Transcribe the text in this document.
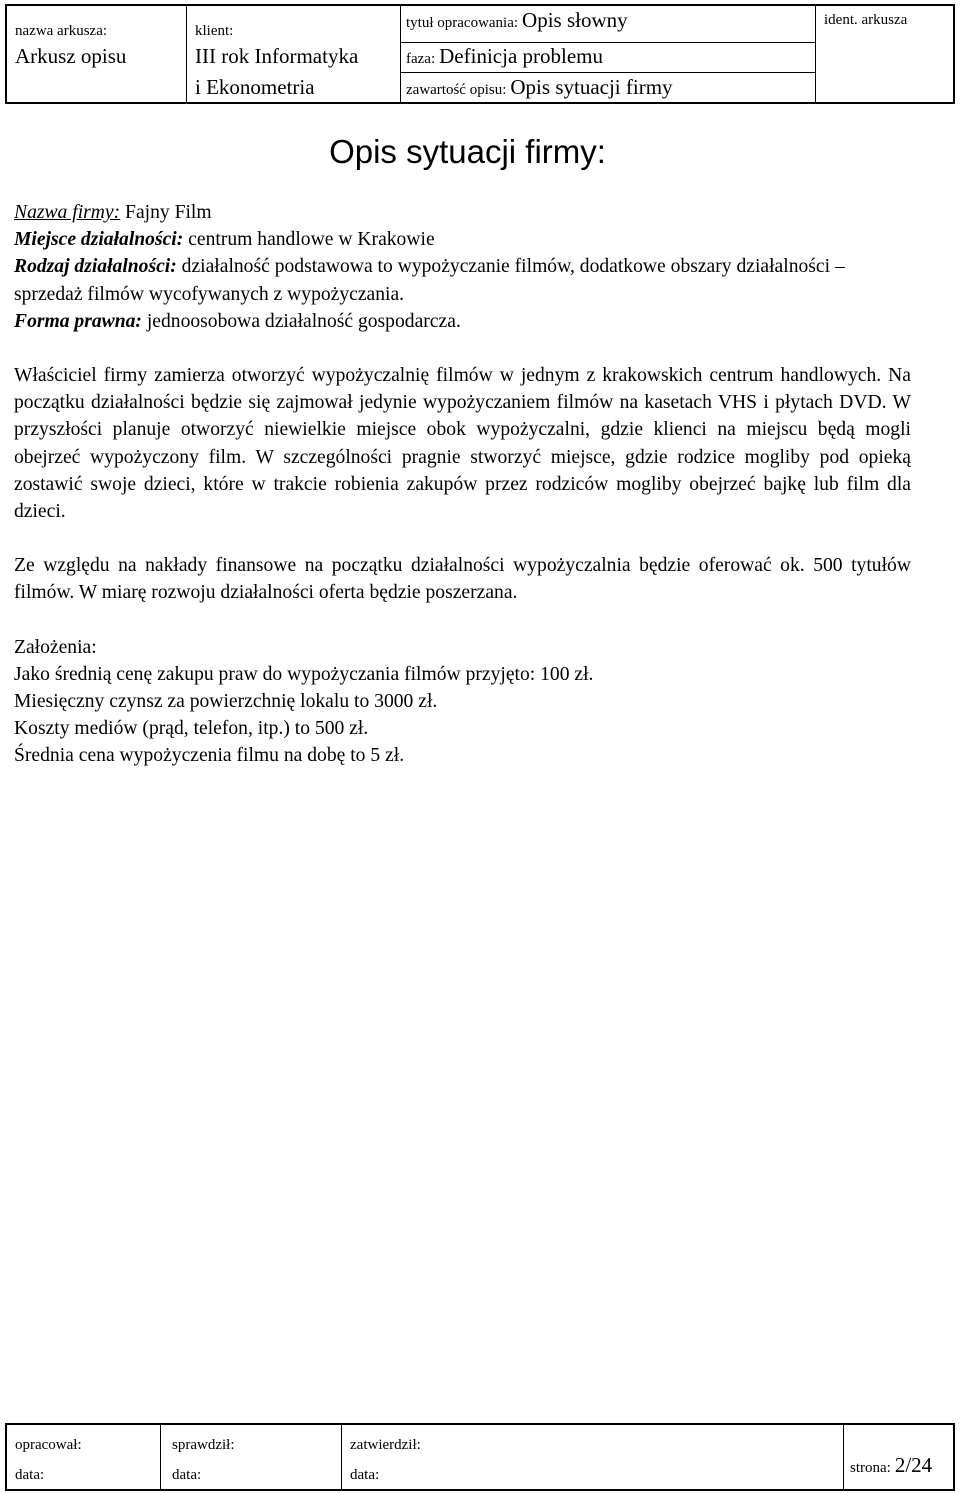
nazwa arkusza:
Arkusz opisu
klient:
III rok Informatyka
i Ekonometria
tytuł opracowania: Opis słowny
faza: Definicja problemu
zawartość opisu: Opis sytuacji firmy
ident. arkusza
Opis sytuacji firmy:

Nazwa firmy: Fajny Film

Miejsce działalności: centrum handlowe w Krakowie

Rodzaj działalności: działalność podstawowa to wypożyczanie filmów, dodatkowe obszary działalności – sprzedaż filmów wycofywanych z wypożyczania.

Forma prawna: jednoosobowa działalność gospodarcza.

Właściciel firmy zamierza otworzyć wypożyczalnię filmów w jednym z krakowskich centrum handlowych. Na początku działalności będzie się zajmował jedynie wypożyczaniem filmów na kasetach VHS i płytach DVD. W przyszłości planuje otworzyć niewielkie miejsce obok wypożyczalni, gdzie klienci na miejscu będą mogli obejrzeć wypożyczony film. W szczególności pragnie stworzyć miejsce, gdzie rodzice mogliby pod opieką zostawić swoje dzieci, które w trakcie robienia zakupów przez rodziców mogliby obejrzeć bajkę lub film dla dzieci.

Ze względu na nakłady finansowe na początku działalności wypożyczalnia będzie oferować ok. 500 tytułów filmów. W miarę rozwoju działalności oferta będzie poszerzana.

Założenia:

Jako średnią cenę zakupu praw do wypożyczania filmów przyjęto: 100 zł.

Miesięczny czynsz za powierzchnię lokalu to 3000 zł.

Koszty mediów (prąd, telefon, itp.) to 500 zł.

Średnia cena wypożyczenia filmu na dobę to 5 zł.

opracował:
data:
sprawdził:
data:
zatwierdził:
data:	strona: 2/24
